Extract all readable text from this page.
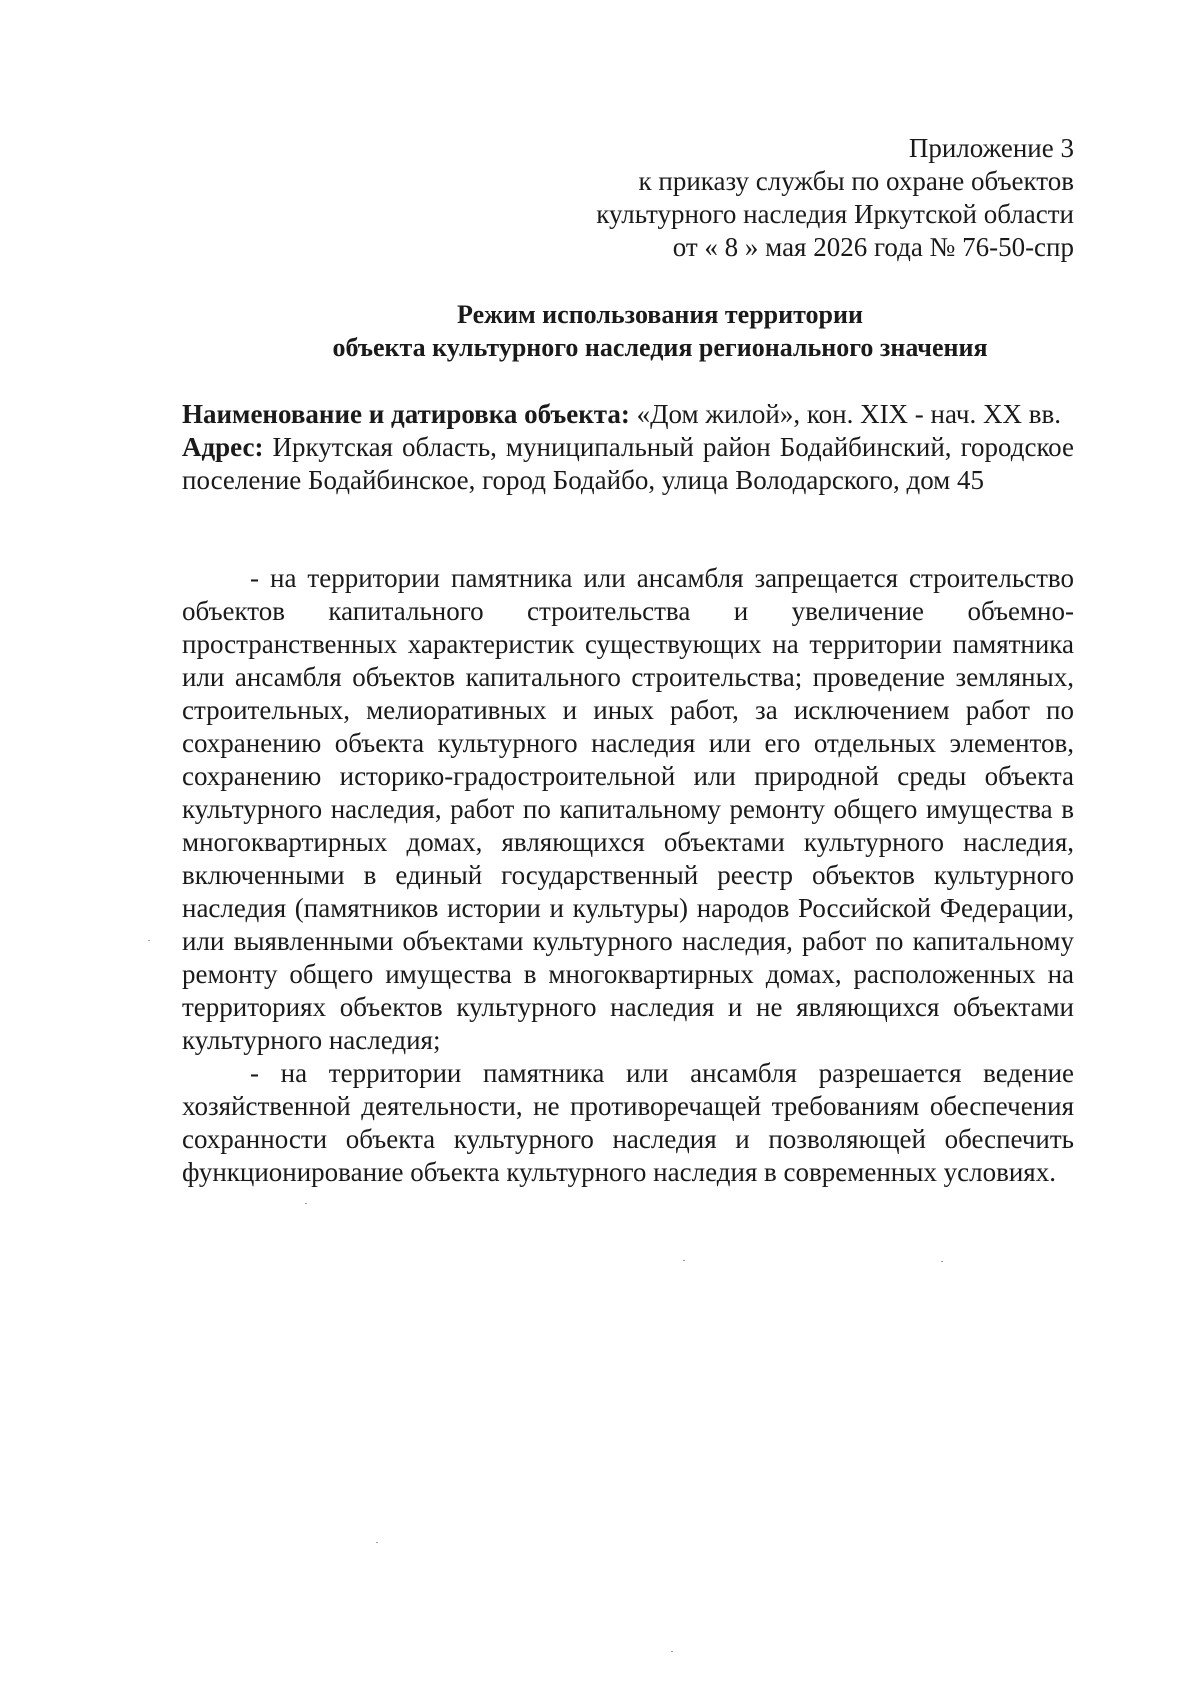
Приложение 3
к приказу службы по охране объектов
культурного наследия Иркутской области
от « 8 » мая 2026 года № 76-50-спр
Режим использования территории
объекта культурного наследия регионального значения

Наименование и датировка объекта: «Дом жилой», кон. XIX - нач. XX вв.

Адрес: Иркутская область, муниципальный район Бодайбинский, городское поселение Бодайбинское, город Бодайбо, улица Володарского, дом 45

- на территории памятника или ансамбля запрещается строительство объектов капитального строительства и увеличение объемно-пространственных характеристик существующих на территории памятника или ансамбля объектов капитального строительства; проведение земляных, строительных, мелиоративных и иных работ, за исключением работ по сохранению объекта культурного наследия или его отдельных элементов, сохранению историко-градостроительной или природной среды объекта культурного наследия, работ по капитальному ремонту общего имущества в многоквартирных домах, являющихся объектами культурного наследия, включенными в единый государственный реестр объектов культурного наследия (памятников истории и культуры) народов Российской Федерации, или выявленными объектами культурного наследия, работ по капитальному ремонту общего имущества в многоквартирных домах, расположенных на территориях объектов культурного наследия и не являющихся объектами культурного наследия;

- на территории памятника или ансамбля разрешается ведение хозяйственной деятельности, не противоречащей требованиям обеспечения сохранности объекта культурного наследия и позволяющей обеспечить функционирование объекта культурного наследия в современных условиях.
